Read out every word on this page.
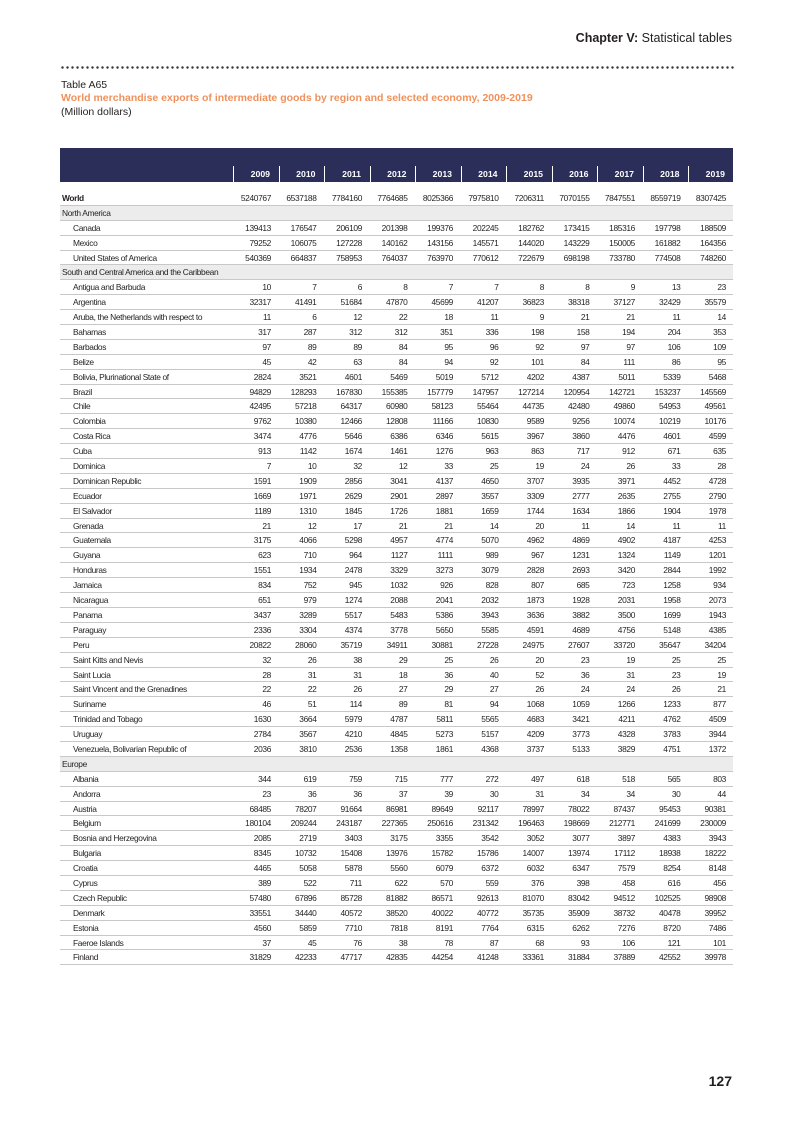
Chapter V: Statistical tables
Table A65
World merchandise exports of intermediate goods by region and selected economy, 2009-2019
(Million dollars)
2009	2010	2011	2012	2013	2014	2015	2016	2017	2018	2019
World	5240767	6537188	7784160	7764685	8025366	7975810	7206311	7070155	7847551	8559719	8307425
North America
Canada	139413	176547	206109	201398	199376	202245	182762	173415	185316	197798	188509
Mexico	79252	106075	127228	140162	143156	145571	144020	143229	150005	161882	164356
United States of America	540369	664837	758953	764037	763970	770612	722679	698198	733780	774508	748260
South and Central America and the Caribbean
Antigua and Barbuda	10	7	6	8	7	7	8	8	9	13	23
Argentina	32317	41491	51684	47870	45699	41207	36823	38318	37127	32429	35579
Aruba, the Netherlands with respect to	11	6	12	22	18	11	9	21	21	11	14
Bahamas	317	287	312	312	351	336	198	158	194	204	353
Barbados	97	89	89	84	95	96	92	97	97	106	109
Belize	45	42	63	84	94	92	101	84	111	86	95
Bolivia, Plurinational State of	2824	3521	4601	5469	5019	5712	4202	4387	5011	5339	5468
Brazil	94829	128293	167830	155385	157779	147957	127214	120954	142721	153237	145569
Chile	42495	57218	64317	60980	58123	55464	44735	42480	49860	54953	49561
Colombia	9762	10380	12466	12808	11166	10830	9589	9256	10074	10219	10176
Costa Rica	3474	4776	5646	6386	6346	5615	3967	3860	4476	4601	4599
Cuba	913	1142	1674	1461	1276	963	863	717	912	671	635
Dominica	7	10	32	12	33	25	19	24	26	33	28
Dominican Republic	1591	1909	2856	3041	4137	4650	3707	3935	3971	4452	4728
Ecuador	1669	1971	2629	2901	2897	3557	3309	2777	2635	2755	2790
El Salvador	1189	1310	1845	1726	1881	1659	1744	1634	1866	1904	1978
Grenada	21	12	17	21	21	14	20	11	14	11	11
Guatemala	3175	4066	5298	4957	4774	5070	4962	4869	4902	4187	4253
Guyana	623	710	964	1127	1111	989	967	1231	1324	1149	1201
Honduras	1551	1934	2478	3329	3273	3079	2828	2693	3420	2844	1992
Jamaica	834	752	945	1032	926	828	807	685	723	1258	934
Nicaragua	651	979	1274	2088	2041	2032	1873	1928	2031	1958	2073
Panama	3437	3289	5517	5483	5386	3943	3636	3882	3500	1699	1943
Paraguay	2336	3304	4374	3778	5650	5585	4591	4689	4756	5148	4385
Peru	20822	28060	35719	34911	30881	27228	24975	27607	33720	35647	34204
Saint Kitts and Nevis	32	26	38	29	25	26	20	23	19	25	25
Saint Lucia	28	31	31	18	36	40	52	36	31	23	19
Saint Vincent and the Grenadines	22	22	26	27	29	27	26	24	24	26	21
Suriname	46	51	114	89	81	94	1068	1059	1266	1233	877
Trinidad and Tobago	1630	3664	5979	4787	5811	5565	4683	3421	4211	4762	4509
Uruguay	2784	3567	4210	4845	5273	5157	4209	3773	4328	3783	3944
Venezuela, Bolivarian Republic of	2036	3810	2536	1358	1861	4368	3737	5133	3829	4751	1372
Europe
Albania	344	619	759	715	777	272	497	618	518	565	803
Andorra	23	36	36	37	39	30	31	34	34	30	44
Austria	68485	78207	91664	86981	89649	92117	78997	78022	87437	95453	90381
Belgium	180104	209244	243187	227365	250616	231342	196463	198669	212771	241699	230009
Bosnia and Herzegovina	2085	2719	3403	3175	3355	3542	3052	3077	3897	4383	3943
Bulgaria	8345	10732	15408	13976	15782	15786	14007	13974	17112	18938	18222
Croatia	4465	5058	5878	5560	6079	6372	6032	6347	7579	8254	8148
Cyprus	389	522	711	622	570	559	376	398	458	616	456
Czech Republic	57480	67896	85728	81882	86571	92613	81070	83042	94512	102525	98908
Denmark	33551	34440	40572	38520	40022	40772	35735	35909	38732	40478	39952
Estonia	4560	5859	7710	7818	8191	7764	6315	6262	7276	8720	7486
Faeroe Islands	37	45	76	38	78	87	68	93	106	121	101
Finland	31829	42233	47717	42835	44254	41248	33361	31884	37889	42552	39978
127
